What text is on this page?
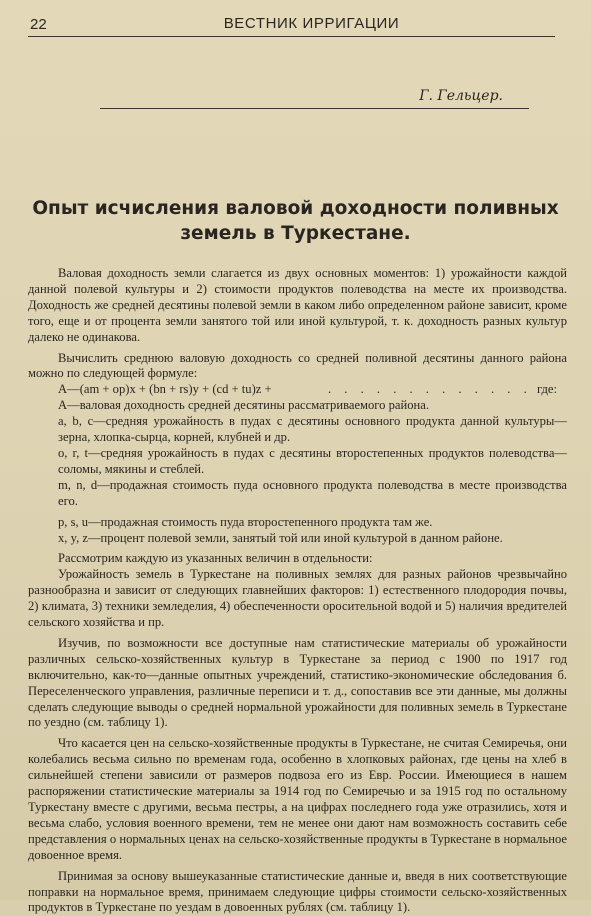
22	ВЕСТНИК ИРРИГАЦИИ
Г. Гельцер.
Опыт исчисления валовой доходности поливных
земель в Туркестане.

Валовая доходность земли слагается из двух основных моментов: 1) урожайности каждой данной полевой культуры и 2) стоимости продуктов полеводства на месте их производства. Доходность же средней десятины полевой земли в каком либо определенном районе зависит, кроме того, еще и от процента земли занятого той или иной культурой, т. к. доходность разных культур далеко не одинакова.

Вычислить среднюю валовую доходность со средней поливной десятины данного района можно по следующей формуле:

A—(am + op)x + (bn + rs)y + (cd + tu)z +	. . . . . . . . . . . . . где:

A—валовая доходность средней десятины рассматриваемого района.

a, b, c—средняя урожайность в пудах с десятины основного продукта данной культуры—зерна, хлопка-сырца, корней, клубней и др.

o, r, t—средняя урожайность в пудах с десятины второстепенных продуктов полеводства—соломы, мякины и стеблей.

m, n, d—продажная стоимость пуда основного продукта полеводства в месте производства его.

p, s, u—продажная стоимость пуда второстепенного продукта там же.

x, y, z—процент полевой земли, занятый той или иной культурой в данном районе.

Рассмотрим каждую из указанных величин в отдельности:

Урожайность земель в Туркестане на поливных землях для разных районов чрезвычайно разнообразна и зависит от следующих главнейших факторов: 1) естественного плодородия почвы, 2) климата, 3) техники земледелия, 4) обеспеченности оросительной водой и 5) наличия вредителей сельского хозяйства и пр.

Изучив, по возможности все доступные нам статистические материалы об урожайности различных сельско-хозяйственных культур в Туркестане за период с 1900 по 1917 год включительно, как-то—данные опытных учреждений, статистико-экономические обследования б. Переселенческого управления, различные переписи и т. д., сопоставив все эти данные, мы должны сделать следующие выводы о средней нормальной урожайности для поливных земель в Туркестане по уездно (см. таблицу 1).

Что касается цен на сельско-хозяйственные продукты в Туркестане, не считая Семиречья, они колебались весьма сильно по временам года, особенно в хлопковых районах, где цены на хлеб в сильнейшей степени зависили от размеров подвоза его из Евр. России. Имеющиеся в нашем распоряжении статистические материалы за 1914 год по Семиречью и за 1915 год по остальному Туркестану вместе с другими, весьма пестры, а на цифрах последнего года уже отразились, хотя и весьма слабо, условия военного времени, тем не менее они дают нам возможность составить себе представления о нормальных ценах на сельско-хозяйственные продукты в Туркестане в нормальное довоенное время.

Принимая за основу вышеуказанные статистические данные и, введя в них соответствующие поправки на нормальное время, принимаем следующие цифры стоимости сельско-хозяйственных продуктов в Туркестане по уездам в довоенных рублях (см. таблицу 1).
